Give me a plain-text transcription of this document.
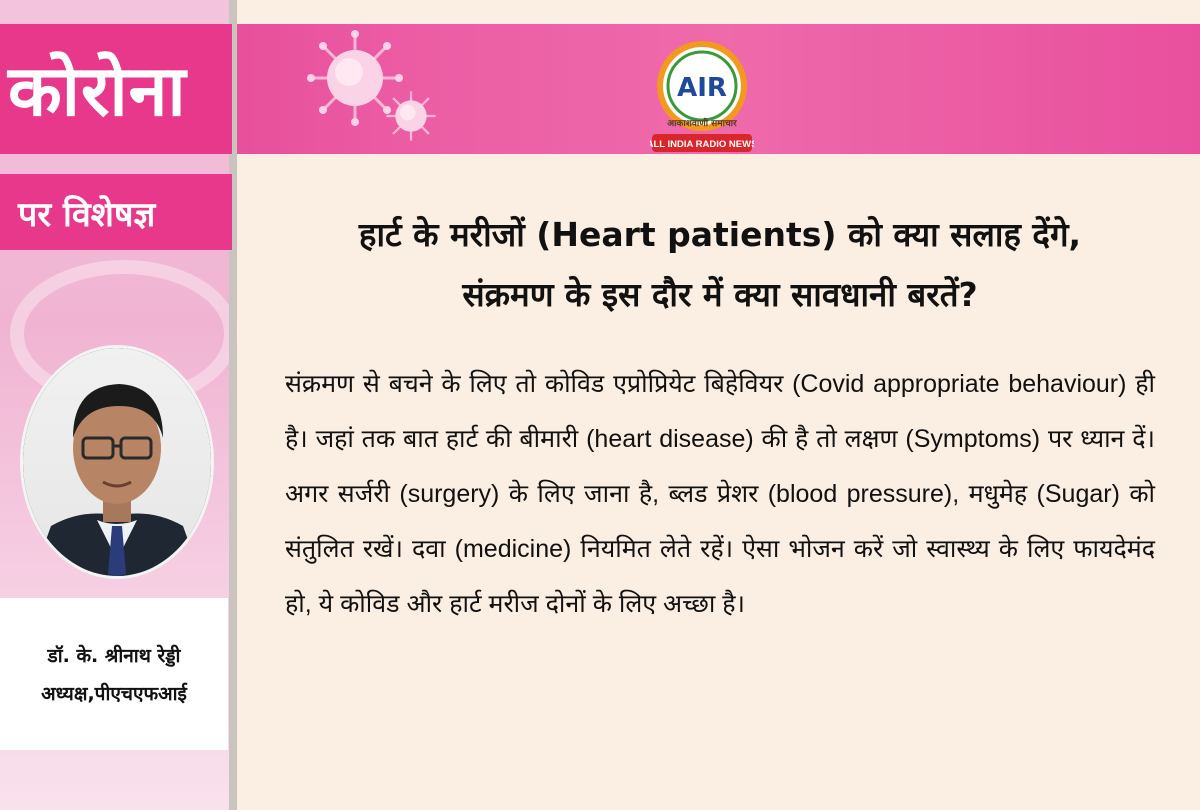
कोरोना
पर विशेषज्ञ
डॉ. के. श्रीनाथ रेड्डी
अध्यक्ष,पीएचएफआई
AIR
आकाशवाणी समाचार
ALL INDIA RADIO NEWS
हार्ट के मरीजों (Heart patients) को क्या सलाह देंगे,
संक्रमण के इस दौर में क्या सावधानी बरतें?
संक्रमण से बचने के लिए तो कोविड एप्रोप्रियेट बिहेवियर (Covid appropriate behaviour) ही है। जहां तक बात हार्ट की बीमारी (heart disease) की है तो लक्षण (Symptoms) पर ध्यान दें। अगर सर्जरी (surgery) के लिए जाना है, ब्लड प्रेशर (blood pressure), मधुमेह (Sugar) को संतुलित रखें। दवा (medicine) नियमित लेते रहें। ऐसा भोजन करें जो स्वास्थ्य के लिए फायदेमंद हो, ये कोविड और हार्ट मरीज दोनों के लिए अच्छा है।
